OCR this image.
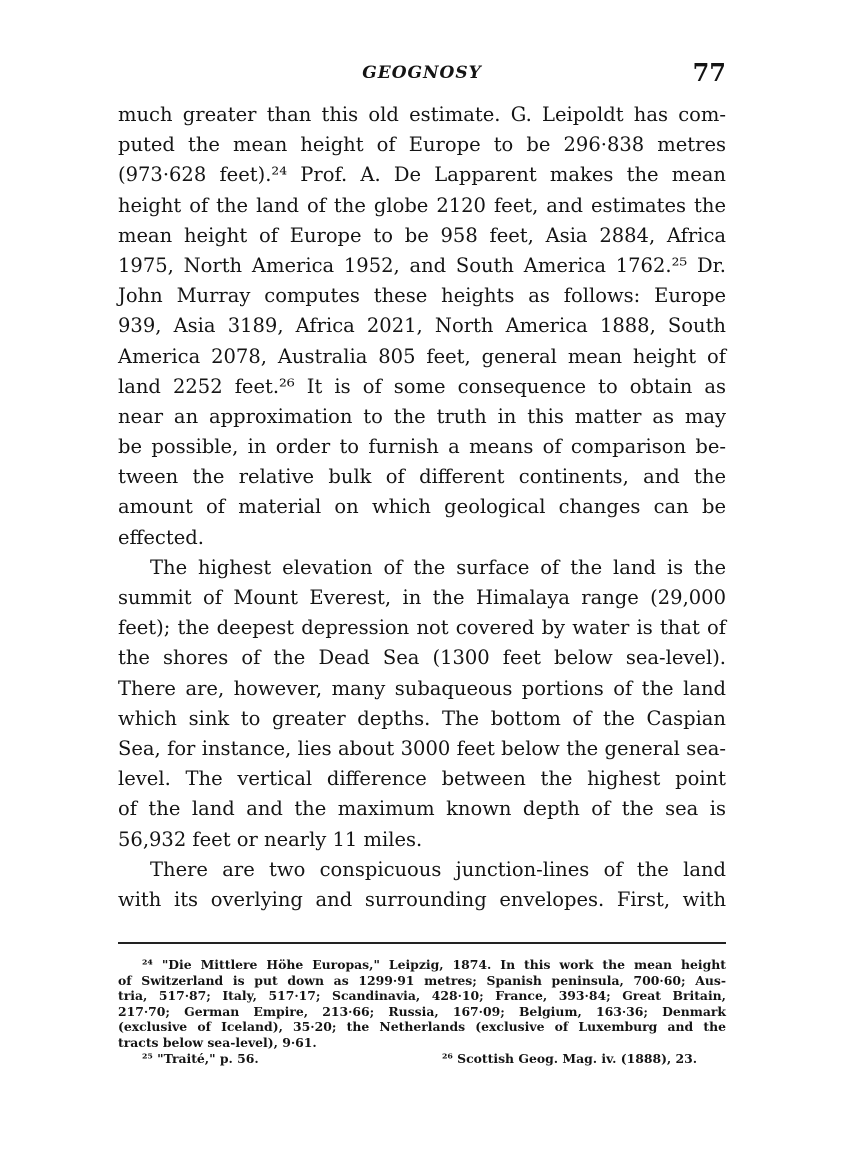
GEOGNOSY	77
much greater than this old estimate. G. Leipoldt has com-
puted the mean height of Europe to be 296·838 metres
(973·628 feet).²⁴ Prof. A. De Lapparent makes the mean
height of the land of the globe 2120 feet, and estimates the
mean height of Europe to be 958 feet, Asia 2884, Africa
1975, North America 1952, and South America 1762.²⁵ Dr.
John Murray computes these heights as follows: Europe
939, Asia 3189, Africa 2021, North America 1888, South
America 2078, Australia 805 feet, general mean height of
land 2252 feet.²⁶ It is of some consequence to obtain as
near an approximation to the truth in this matter as may
be possible, in order to furnish a means of comparison be-
tween the relative bulk of different continents, and the
amount of material on which geological changes can be
effected.
The highest elevation of the surface of the land is the
summit of Mount Everest, in the Himalaya range (29,000
feet); the deepest depression not covered by water is that of
the shores of the Dead Sea (1300 feet below sea-level).
There are, however, many subaqueous portions of the land
which sink to greater depths. The bottom of the Caspian
Sea, for instance, lies about 3000 feet below the general sea-
level. The vertical difference between the highest point
of the land and the maximum known depth of the sea is
56,932 feet or nearly 11 miles.
There are two conspicuous junction-lines of the land
with its overlying and surrounding envelopes. First, with
²⁴ "Die Mittlere Höhe Europas," Leipzig, 1874. In this work the mean height
of Switzerland is put down as 1299·91 metres; Spanish peninsula, 700·60; Aus-
tria, 517·87; Italy, 517·17; Scandinavia, 428·10; France, 393·84; Great Britain,
217·70; German Empire, 213·66; Russia, 167·09; Belgium, 163·36; Denmark
(exclusive of Iceland), 35·20; the Netherlands (exclusive of Luxemburg and the
tracts below sea-level), 9·61.
²⁵ "Traité," p. 56.	²⁶ Scottish Geog. Mag. iv. (1888), 23.
